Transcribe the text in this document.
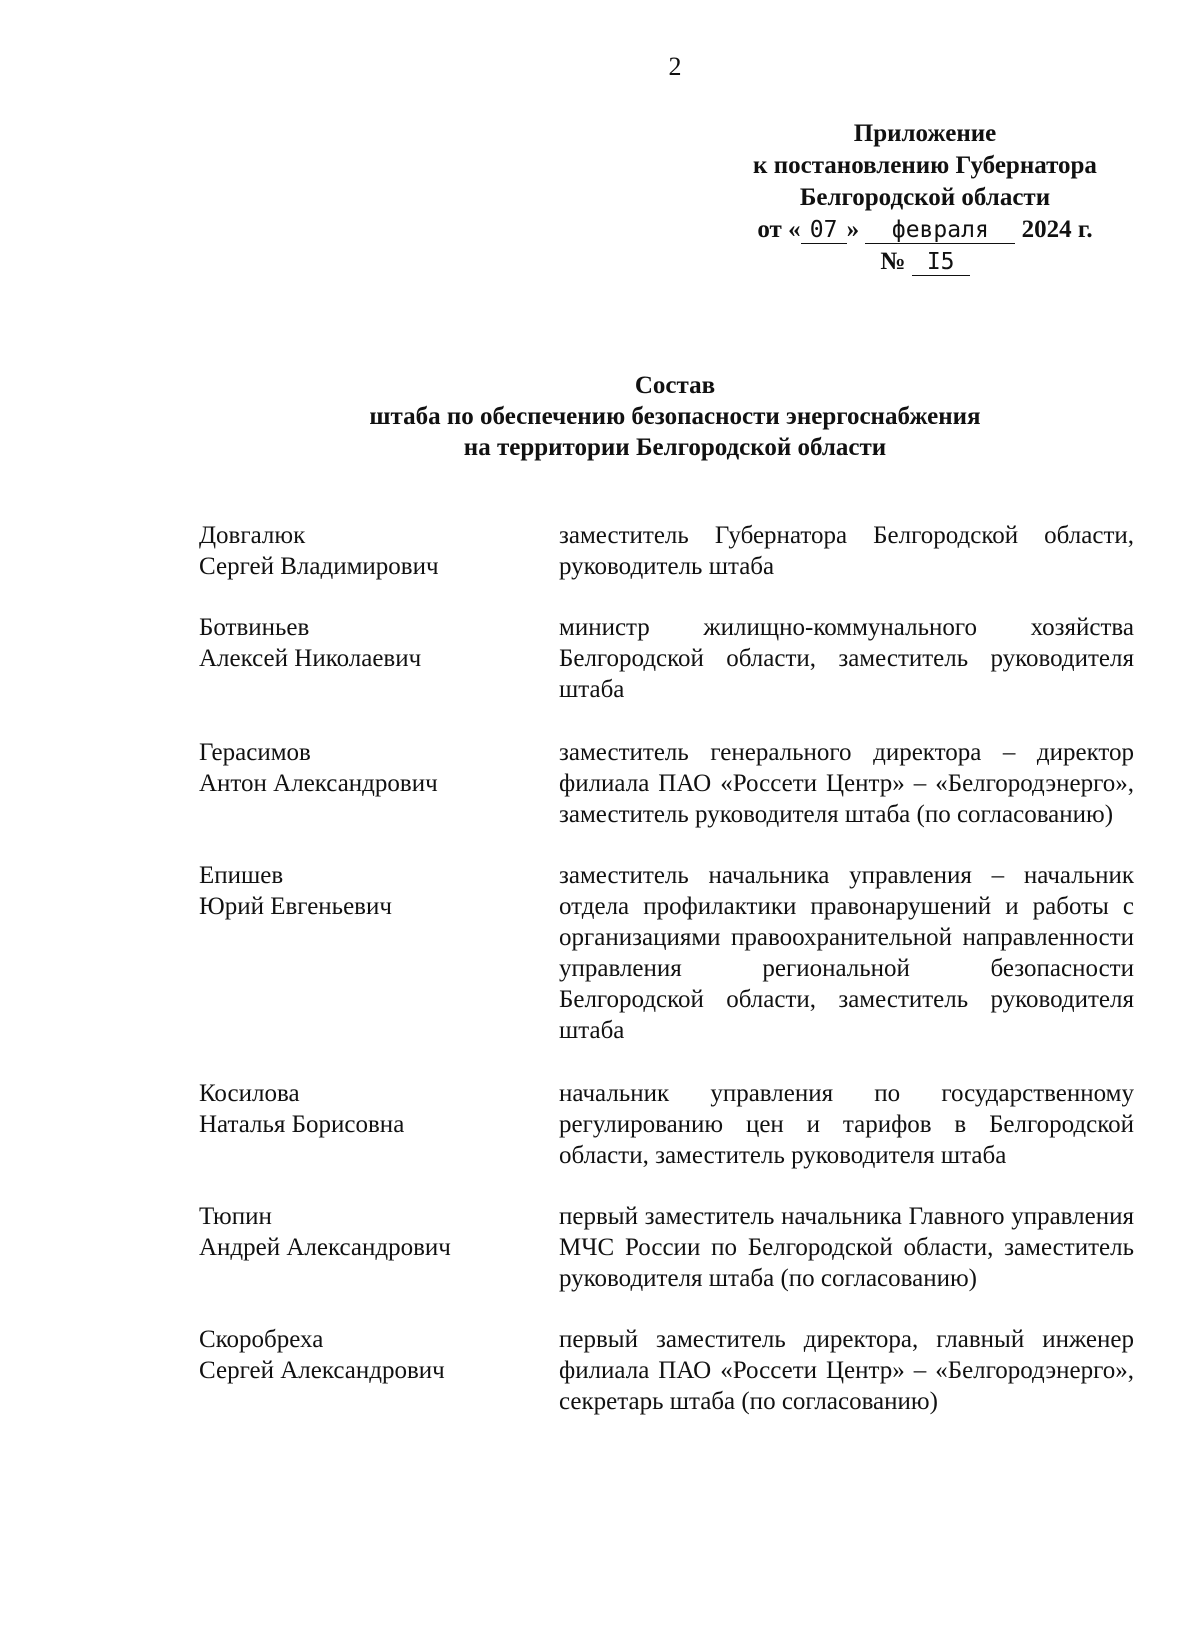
2
Приложение
к постановлению Губернатора
Белгородской области
от « 07 » февраля 2024 г.
№ I5
Состав
штаба по обеспечению безопасности энергоснабжения
на территории Белгородской области
Довгалюк
Сергей Владимирович
заместитель Губернатора Белгородской области, руководитель штаба
Ботвиньев
Алексей Николаевич
министр жилищно-коммунального хозяйства Белгородской области, заместитель руководителя штаба
Герасимов
Антон Александрович
заместитель генерального директора – директор филиала ПАО «Россети Центр» – «Белгородэнерго», заместитель руководителя штаба (по согласованию)
Епишев
Юрий Евгеньевич
заместитель начальника управления – начальник отдела профилактики правонарушений и работы с организациями правоохранительной направленности управления региональной безопасности Белгородской области, заместитель руководителя штаба
Косилова
Наталья Борисовна
начальник управления по государственному регулированию цен и тарифов в Белгородской области, заместитель руководителя штаба
Тюпин
Андрей Александрович
первый заместитель начальника Главного управления МЧС России по Белгородской области, заместитель руководителя штаба (по согласованию)
Скоробреха
Сергей Александрович
первый заместитель директора, главный инженер филиала ПАО «Россети Центр» – «Белгородэнерго», секретарь штаба (по согласованию)
